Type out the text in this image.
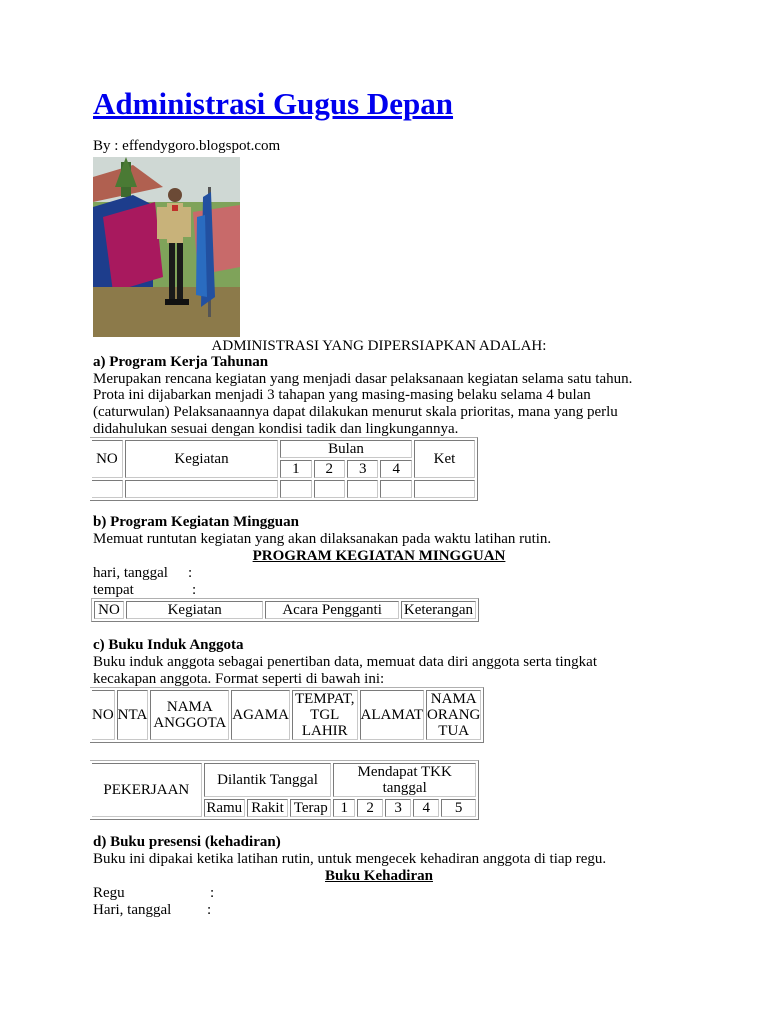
Administrasi Gugus Depan
By : effendygoro.blogspot.com
ADMINISTRASI YANG DIPERSIAPKAN ADALAH:
a) Program Kerja Tahunan
Merupakan rencana kegiatan yang menjadi dasar pelaksanaan kegiatan selama satu tahun.
Prota ini dijabarkan menjadi 3 tahapan yang masing-masing belaku selama 4 bulan
(caturwulan) Pelaksanaannya dapat dilakukan menurut skala prioritas, mana yang perlu
didahulukan sesuai dengan kondisi tadik dan lingkungannya.
NO	Kegiatan	Bulan				Ket
		1	2	3	4	

b) Program Kegiatan Mingguan
Memuat runtutan kegiatan yang akan dilaksanakan pada waktu latihan rutin.
PROGRAM KEGIATAN MINGGUAN
hari, tanggal :
tempat	:
NO	Kegiatan	Acara Pengganti	Keterangan
c) Buku Induk Anggota
Buku induk anggota sebagai penertiban data, memuat data diri anggota serta tingkat
kecakapan anggota. Format seperti di bawah ini:
NO	NTA	NAMA ANGGOTA	AGAMA	TEMPAT, TGL LAHIR	ALAMAT	NAMA ORANG TUA
PEKERJAAN	Dilantik Tanggal			Mendapat TKK tanggal				
	Ramu	Rakit	Terap	1	2	3	4	5
d) Buku presensi (kehadiran)
Buku ini dipakai ketika latihan rutin, untuk mengecek kehadiran anggota di tiap regu.
Buku Kehadiran
Regu	:
Hari, tanggal :
